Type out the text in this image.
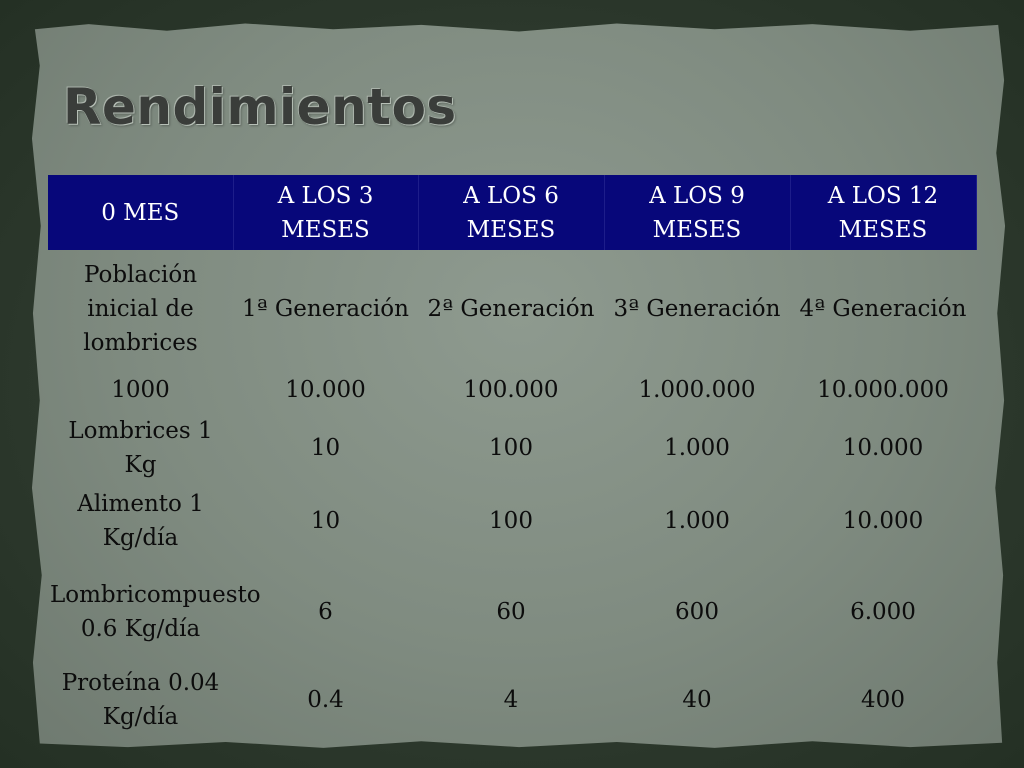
Rendimientos
0 MES	A LOS 3 MESES	A LOS 6 MESES	A LOS 9 MESES	A LOS 12 MESES
Población inicial de lombrices	1ª Generación	2ª Generación	3ª Generación	4ª Generación
1000	10.000	100.000	1.000.000	10.000.000
Lombrices 1 Kg	10	100	1.000	10.000
Alimento 1 Kg/día	10	100	1.000	10.000
Lombricompuesto 0.6 Kg/día	6	60	600	6.000
Proteína 0.04 Kg/día	0.4	4	40	400
